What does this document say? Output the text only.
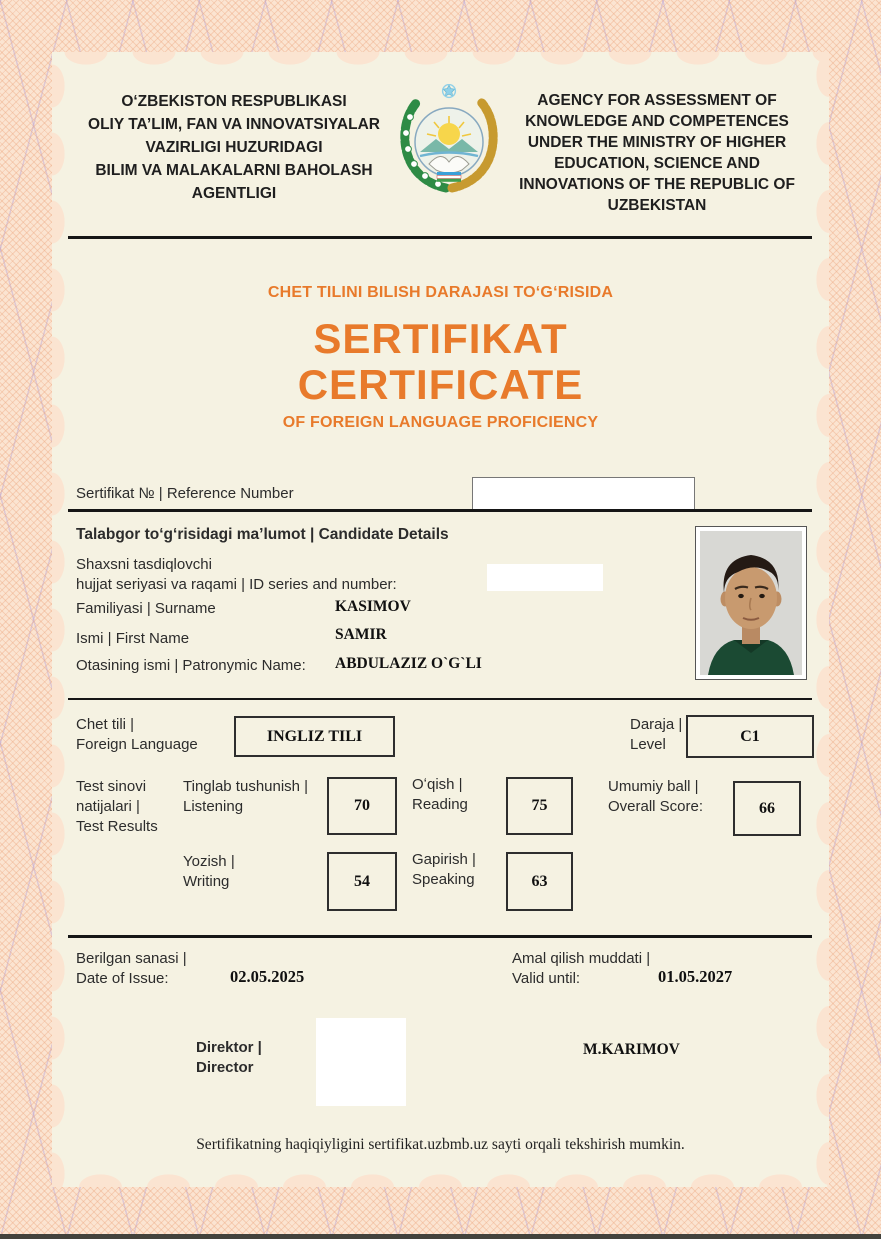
OʻZBEKISTON RESPUBLIKASI
OLIY TA’LIM, FAN VA INNOVATSIYALAR
VAZIRLIGI HUZURIDAGI
BILIM VA MALAKALARNI BAHOLASH
AGENTLIGI
AGENCY FOR ASSESSMENT OF
KNOWLEDGE AND COMPETENCES
UNDER THE MINISTRY OF HIGHER
EDUCATION, SCIENCE AND
INNOVATIONS OF THE REPUBLIC OF
UZBEKISTAN
CHET TILINI BILISH DARAJASI TOʻGʻRISIDA
SERTIFIKAT
CERTIFICATE
OF FOREIGN LANGUAGE PROFICIENCY
Sertifikat № | Reference Number
Talabgor toʻgʻrisidagi ma’lumot | Candidate Details
Shaxsni tasdiqlovchi
hujjat seriyasi va raqami | ID series and number:
Familiyasi | Surname	KASIMOV
Ismi | First Name	SAMIR
Otasining ismi | Patronymic Name: ABDULAZIZ O`G`LI
Chet tili |
Foreign Language	INGLIZ TILI
Daraja |
Level	C1
Test sinovi
natijalari |
Test Results
Tinglab tushunish |
Listening	70
Oʻqish |
Reading	75
Umumiy ball |
Overall Score:	66
Yozish |
Writing	54
Gapirish |
Speaking	63
Berilgan sanasi |
Date of Issue:	02.05.2025
Amal qilish muddati |
Valid until:	01.05.2027
Direktor |
Director
M.KARIMOV
Sertifikatning haqiqiyligini sertifikat.uzbmb.uz sayti orqali tekshirish mumkin.
